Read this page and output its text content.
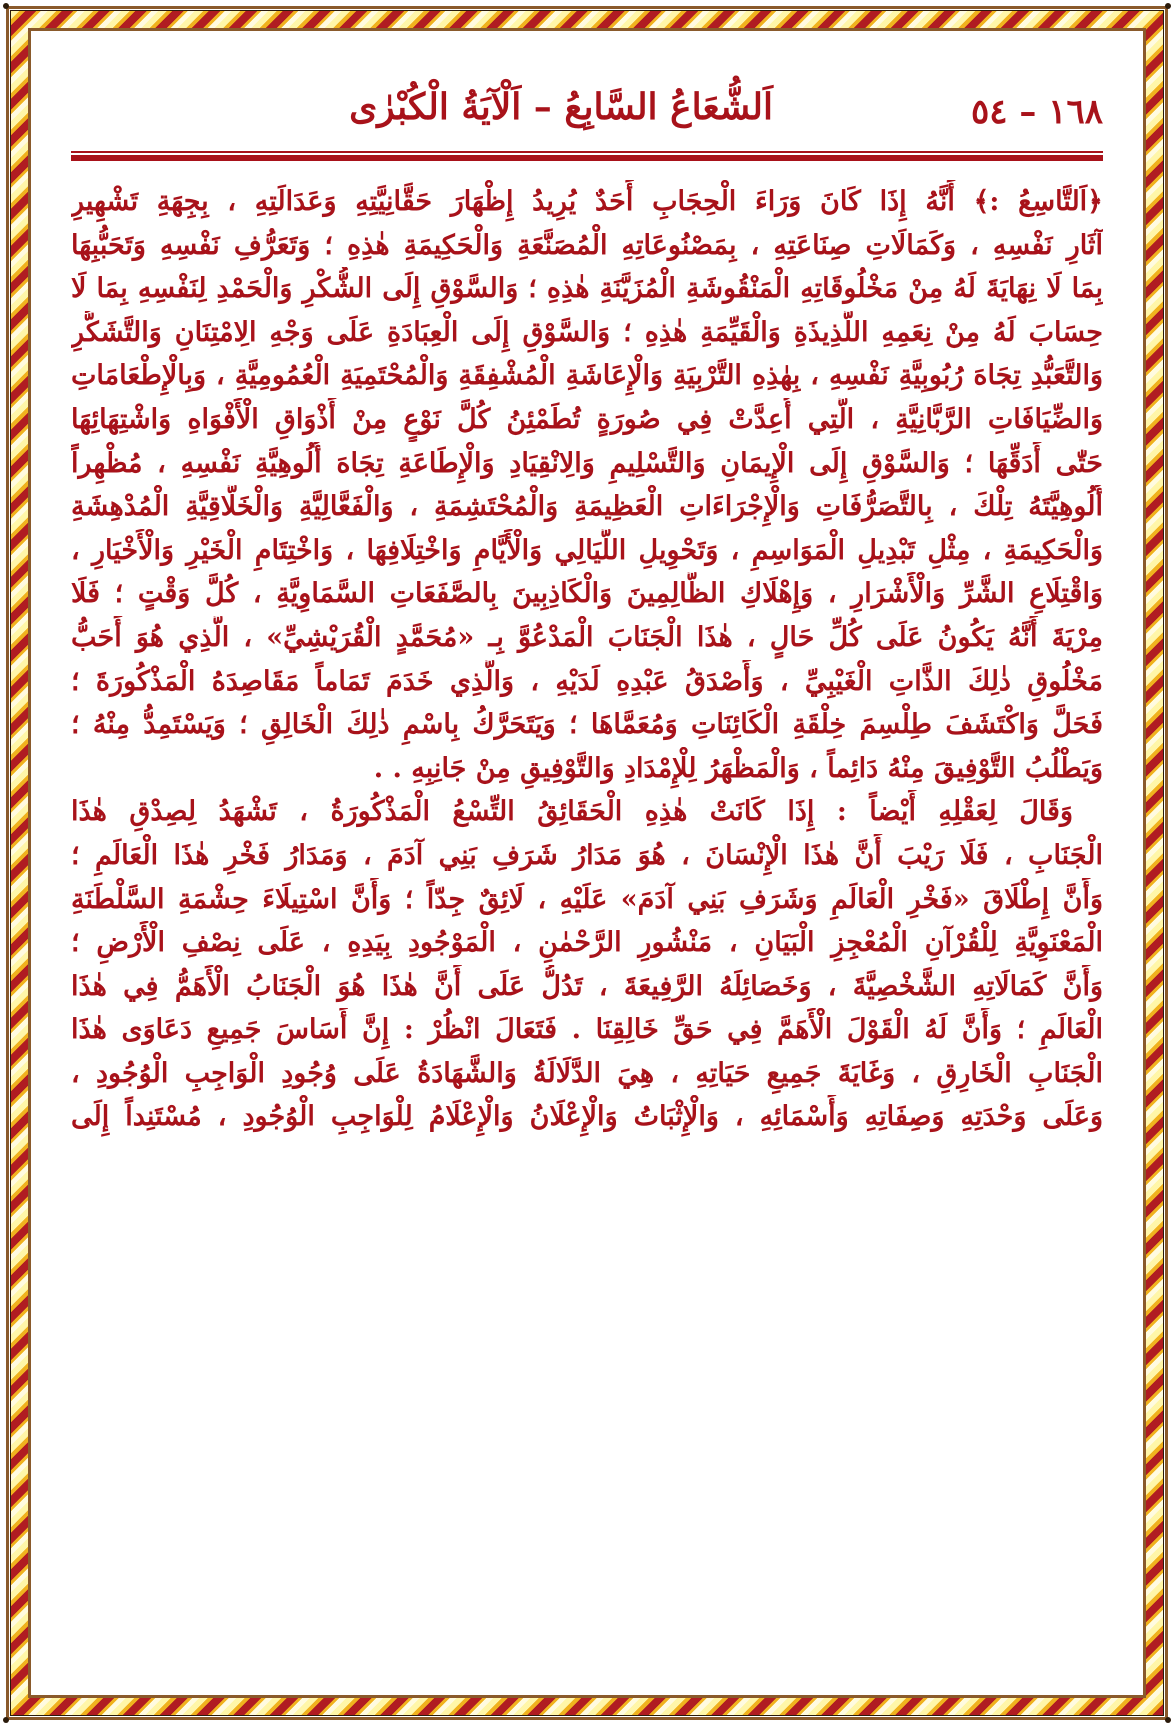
١٦٨ – ٥٤
اَلشُّعَاعُ السَّابِعُ – اَلْآيَةُ الْكُبْرٰى
﴿اَلتَّاسِعُ :﴾ أَنَّهُ إِذَا كَانَ وَرَاءَ الْحِجَابِ أَحَدٌ يُرِيدُ إِظْهَارَ حَقَّانِيَّتِهِ وَعَدَالَتِهِ ، بِجِهَةِ تَشْهِيرِ
آثَارِ نَفْسِهِ ، وَكَمَالَاتِ صِنَاعَتِهِ ، بِمَصْنُوعَاتِهِ الْمُصَنَّعَةِ وَالْحَكِيمَةِ هٰذِهِ ؛ وَتَعَرُّفِ نَفْسِهِ وَتَحَبُّبِهَا
بِمَا لَا نِهَايَةَ لَهُ مِنْ مَخْلُوقَاتِهِ الْمَنْقُوشَةِ الْمُزَيَّنَةِ هٰذِهِ ؛ وَالسَّوْقِ إِلَى الشُّكْرِ وَالْحَمْدِ لِنَفْسِهِ بِمَا لَا
حِسَابَ لَهُ مِنْ نِعَمِهِ اللَّذِيذَةِ وَالْقَيِّمَةِ هٰذِهِ ؛ وَالسَّوْقِ إِلَى الْعِبَادَةِ عَلَى وَجْهِ الِامْتِنَانِ وَالتَّشَكُّرِ
وَالتَّعَبُّدِ تِجَاهَ رُبُوبِيَّةِ نَفْسِهِ ، بِهٰذِهِ التَّرْبِيَةِ وَالْإِعَاشَةِ الْمُشْفِقَةِ وَالْمُحْتَمِيَةِ الْعُمُومِيَّةِ ، وَبِالْإِطْعَامَاتِ
وَالضِّيَافَاتِ الرَّبَّانِيَّةِ ، الَّتِي أُعِدَّتْ فِي صُورَةٍ تُطَمْئِنُ كُلَّ نَوْعٍ مِنْ أَذْوَاقِ الْأَفْوَاهِ وَاشْتِهَائِهَا
حَتّٰى أَدَقِّهَا ؛ وَالسَّوْقِ إِلَى الْإِيمَانِ وَالتَّسْلِيمِ وَالِانْقِيَادِ وَالْإِطَاعَةِ تِجَاهَ أُلُوهِيَّةِ نَفْسِهِ ، مُظْهِراً
أُلُوهِيَّتَهُ تِلْكَ ، بِالتَّصَرُّفَاتِ وَالْإِجْرَاءَاتِ الْعَظِيمَةِ وَالْمُحْتَشِمَةِ ، وَالْفَعَّالِيَّةِ وَالْخَلَّاقِيَّةِ الْمُدْهِشَةِ
وَالْحَكِيمَةِ ، مِثْلِ تَبْدِيلِ الْمَوَاسِمِ ، وَتَحْوِيلِ اللَّيَالِي وَالْأَيَّامِ وَاخْتِلَافِهَا ، وَاخْتِتَامِ الْخَيْرِ وَالْأَخْيَارِ ،
وَاقْتِلَاعِ الشَّرِّ وَالْأَشْرَارِ ، وَإِهْلَاكِ الظَّالِمِينَ وَالْكَاذِبِينَ بِالصَّفَعَاتِ السَّمَاوِيَّةِ ، كُلَّ وَقْتٍ ؛ فَلَا
مِرْيَةَ أَنَّهُ يَكُونُ عَلَى كُلِّ حَالٍ ، هٰذَا الْجَنَابَ الْمَدْعُوَّ بِـ «مُحَمَّدٍ الْقُرَيْشِيِّ» ، الَّذِي هُوَ أَحَبُّ
مَخْلُوقِ ذٰلِكَ الذَّاتِ الْغَيْبِيِّ ، وَأَصْدَقُ عَبْدِهِ لَدَيْهِ ، وَالَّذِي خَدَمَ تَمَاماً مَقَاصِدَهُ الْمَذْكُورَةَ ؛
فَحَلَّ وَاكْتَشَفَ طِلْسِمَ خِلْقَةِ الْكَائِنَاتِ وَمُعَمَّاهَا ؛ وَيَتَحَرَّكُ بِاسْمِ ذٰلِكَ الْخَالِقِ ؛ وَيَسْتَمِدُّ مِنْهُ ؛
وَيَطْلُبُ التَّوْفِيقَ مِنْهُ دَائِماً ، وَالْمَظْهَرُ لِلْإِمْدَادِ وَالتَّوْفِيقِ مِنْ جَانِبِهِ . .
وَقَالَ لِعَقْلِهِ أَيْضاً : إِذَا كَانَتْ هٰذِهِ الْحَقَائِقُ التِّسْعُ الْمَذْكُورَةُ ، تَشْهَدُ لِصِدْقِ هٰذَا
الْجَنَابِ ، فَلَا رَيْبَ أَنَّ هٰذَا الْإِنْسَانَ ، هُوَ مَدَارُ شَرَفِ بَنِي آدَمَ ، وَمَدَارُ فَخْرِ هٰذَا الْعَالَمِ ؛
وَأَنَّ إِطْلَاقَ «فَخْرِ الْعَالَمِ وَشَرَفِ بَنِي آدَمَ» عَلَيْهِ ، لَائِقٌ جِدّاً ؛ وَأَنَّ اسْتِيلَاءَ حِشْمَةِ السَّلْطَنَةِ
الْمَعْنَوِيَّةِ لِلْقُرْآنِ الْمُعْجِزِ الْبَيَانِ ، مَنْشُورِ الرَّحْمٰنِ ، الْمَوْجُودِ بِيَدِهِ ، عَلَى نِصْفِ الْأَرْضِ ؛
وَأَنَّ كَمَالَاتِهِ الشَّخْصِيَّةَ ، وَخَصَائِلَهُ الرَّفِيعَةَ ، تَدُلُّ عَلَى أَنَّ هٰذَا هُوَ الْجَنَابُ الْأَهَمُّ فِي هٰذَا
الْعَالَمِ ؛ وَأَنَّ لَهُ الْقَوْلَ الْأَهَمَّ فِي حَقِّ خَالِقِنَا . فَتَعَالَ انْظُرْ : إِنَّ أَسَاسَ جَمِيعِ دَعَاوَى هٰذَا
الْجَنَابِ الْخَارِقِ ، وَغَايَةَ جَمِيعِ حَيَاتِهِ ، هِيَ الدَّلَالَةُ وَالشَّهَادَةُ عَلَى وُجُودِ الْوَاجِبِ الْوُجُودِ ،
وَعَلَى وَحْدَتِهِ وَصِفَاتِهِ وَأَسْمَائِهِ ، وَالْإِثْبَاتُ وَالْإِعْلَانُ وَالْإِعْلَامُ لِلْوَاجِبِ الْوُجُودِ ، مُسْتَنِداً إِلَى
